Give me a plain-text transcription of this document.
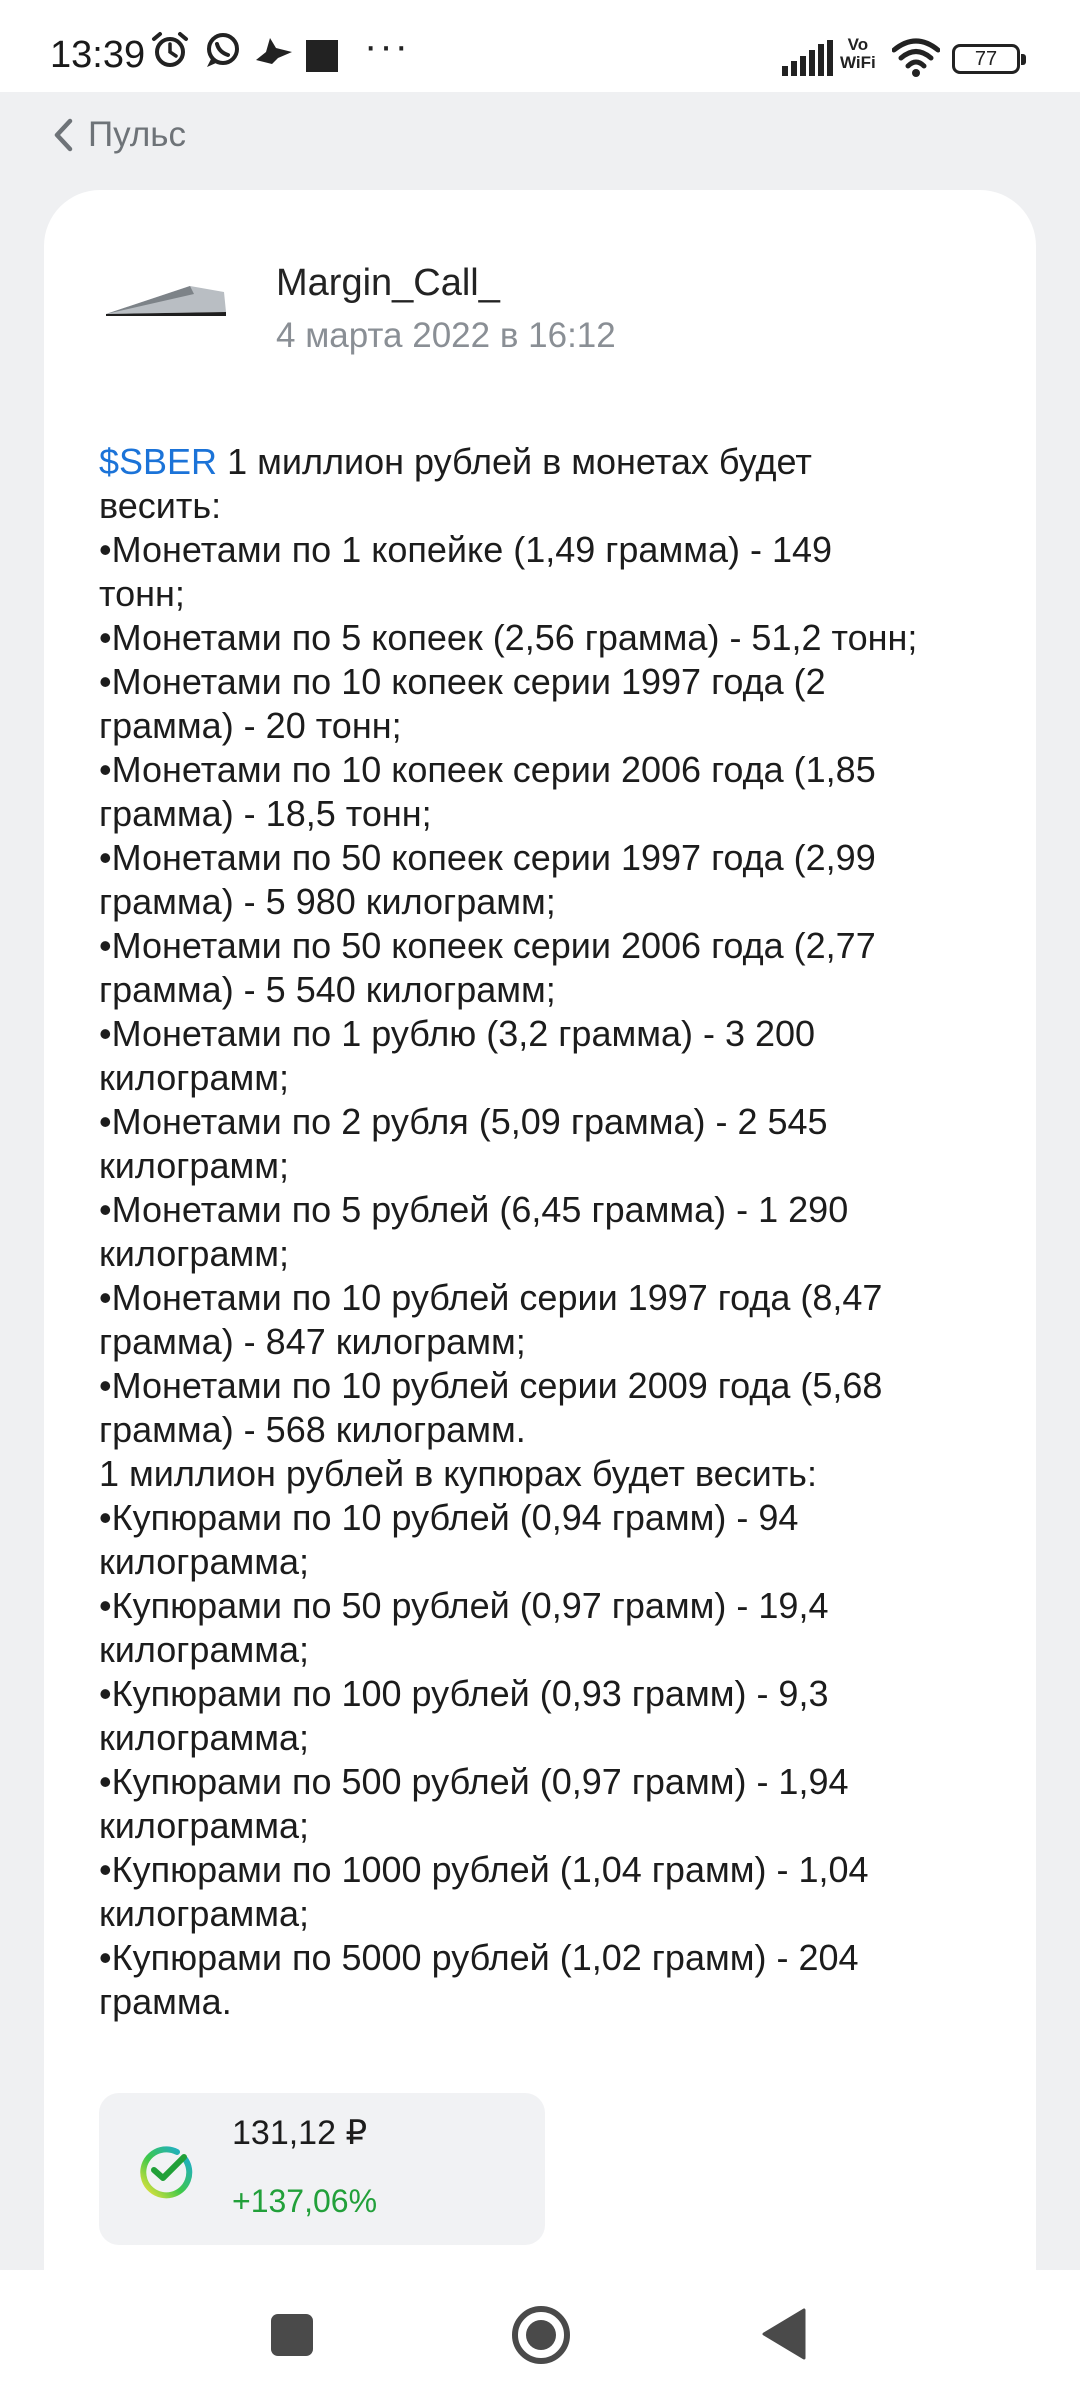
13:39	···	Vo
WiFi	77
Пульс
Margin_Call_
4 марта 2022 в 16:12
$SBER 1 миллион рублей в монетах будет
весить:
•Монетами по 1 копейке (1,49 грамма) - 149
тонн;
•Монетами по 5 копеек (2,56 грамма) - 51,2 тонн;
•Монетами по 10 копеек серии 1997 года (2
грамма) - 20 тонн;
•Монетами по 10 копеек серии 2006 года (1,85
грамма) - 18,5 тонн;
•Монетами по 50 копеек серии 1997 года (2,99
грамма) - 5 980 килограмм;
•Монетами по 50 копеек серии 2006 года (2,77
грамма) - 5 540 килограмм;
•Монетами по 1 рублю (3,2 грамма) - 3 200
килограмм;
•Монетами по 2 рубля (5,09 грамма) - 2 545
килограмм;
•Монетами по 5 рублей (6,45 грамма) - 1 290
килограмм;
•Монетами по 10 рублей серии 1997 года (8,47
грамма) - 847 килограмм;
•Монетами по 10 рублей серии 2009 года (5,68
грамма) - 568 килограмм.
1 миллион рублей в купюрах будет весить:
•Купюрами по 10 рублей (0,94 грамм) - 94
килограмма;
•Купюрами по 50 рублей (0,97 грамм) - 19,4
килограмма;
•Купюрами по 100 рублей (0,93 грамм) - 9,3
килограмма;
•Купюрами по 500 рублей (0,97 грамм) - 1,94
килограмма;
•Купюрами по 1000 рублей (1,04 грамм) - 1,04
килограмма;
•Купюрами по 5000 рублей (1,02 грамм) - 204
грамма.
131,12 ₽
+137,06%
